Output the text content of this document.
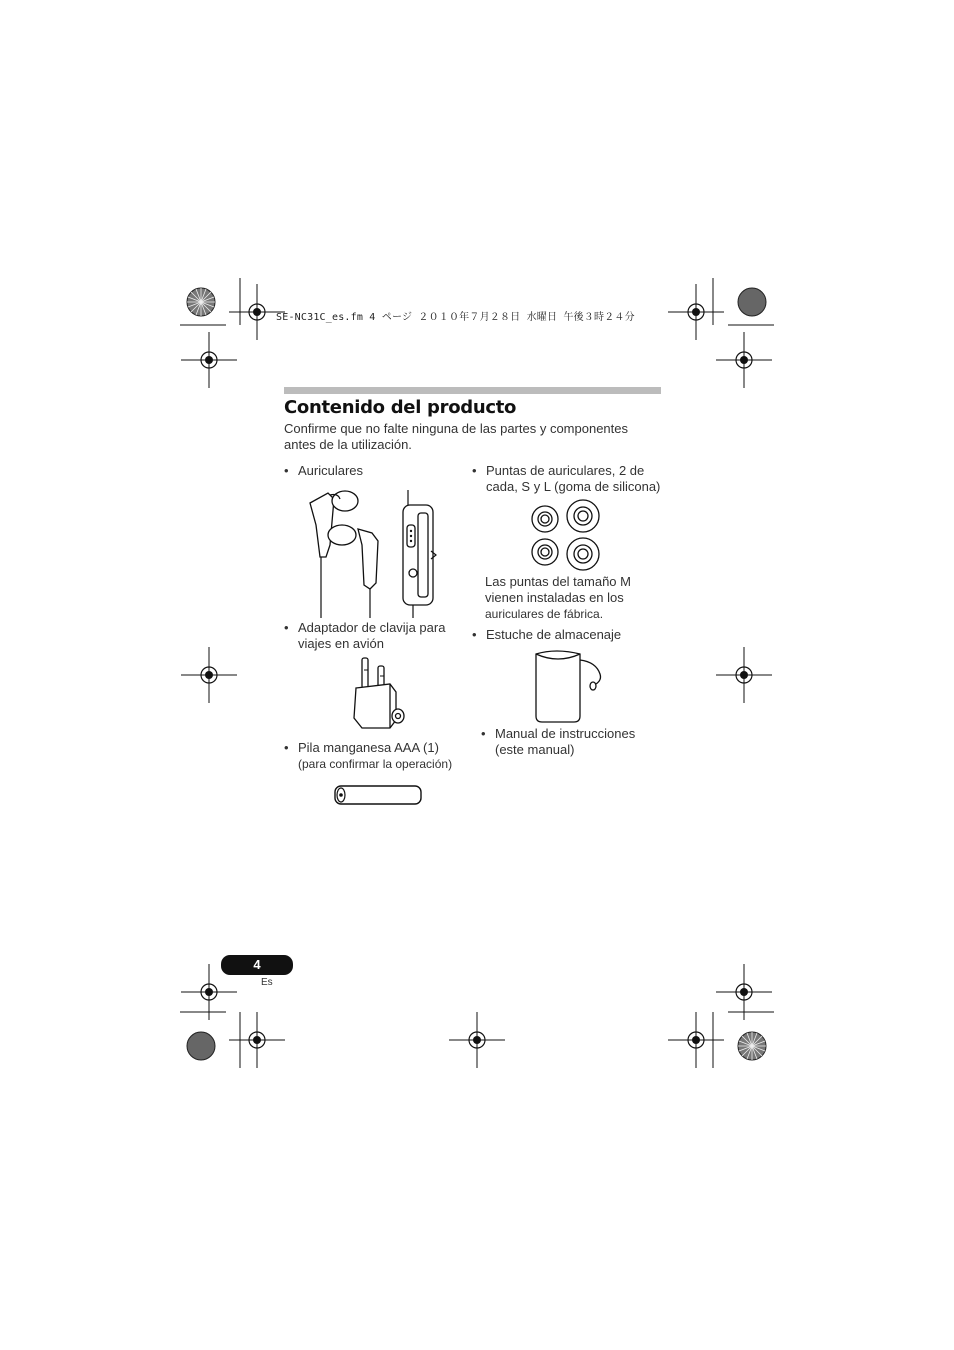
SE-NC31C_es.fm 4 ページ ２０１０年７月２８日 水曜日 午後３時２４分
Contenido del producto
Confirme que no falte ninguna de las partes y componentes
antes de la utilización.
• Auriculares
• Adaptador de clavija para
viajes en avión
• Pila manganesa AAA (1)
(para confirmar la operación)
• Puntas de auriculares, 2 de
cada, S y L (goma de silicona)
Las puntas del tamaño M
vienen instaladas en los
auriculares de fábrica.
• Estuche de almacenaje
• Manual de instrucciones
(este manual)
4
Es
